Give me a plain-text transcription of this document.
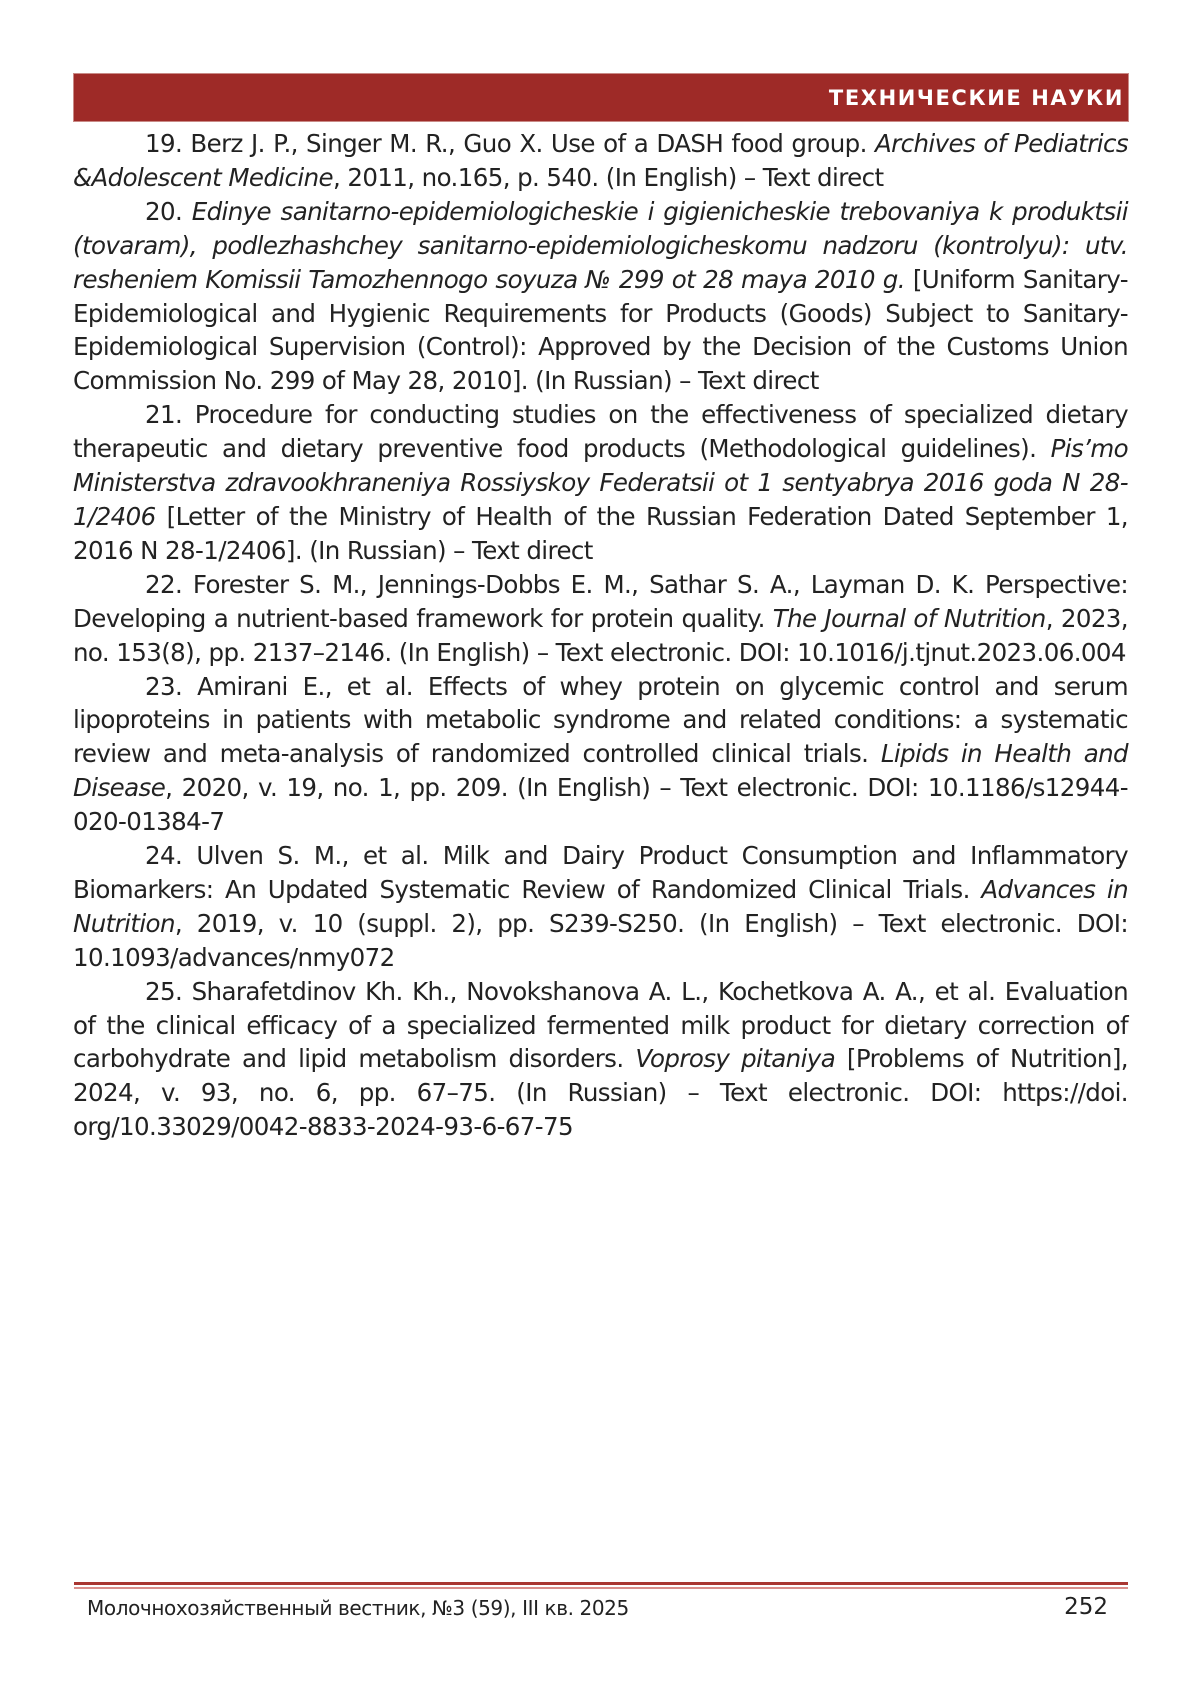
ТЕХНИЧЕСКИЕ НАУКИ

19. Berz J. P., Singer M. R., Guo X. Use of a DASH food group. Archives of Pediatrics &Adolescent Medicine, 2011, no.165, p. 540. (In English) – Text direct

20. Edinye sanitarno-epidemiologicheskie i gigienicheskie trebovaniya k produktsii (tovaram), podlezhashchey sanitarno-epidemiologicheskomu nadzoru (kontrolyu): utv. resheniem Komissii Tamozhennogo soyuza № 299 ot 28 maya 2010 g. [Uniform Sanitary-Epidemiological and Hygienic Requirements for Products (Goods) Subject to Sanitary-Epidemiological Supervision (Control): Approved by the Decision of the Customs Union Commission No. 299 of May 28, 2010]. (In Russian) – Text direct

21. Procedure for conducting studies on the effectiveness of specialized dietary therapeutic and dietary preventive food products (Methodological guidelines). Pis’mo Ministerstva zdravookhraneniya Rossiyskoy Federatsii ot 1 sentyabrya 2016 goda N 28-1/2406 [Letter of the Ministry of Health of the Russian Federation Dated September 1, 2016 N 28-1/2406]. (In Russian) – Text direct

22. Forester S. M., Jennings-Dobbs E. M., Sathar S. A., Layman D. K. Perspective: Developing a nutrient-based framework for protein quality. The Journal of Nutrition, 2023, no. 153(8), pp. 2137–2146. (In English) – Text electronic. DOI: 10.1016/j.tjnut.2023.06.004

23. Amirani E., et al. Effects of whey protein on glycemic control and serum lipoproteins in patients with metabolic syndrome and related conditions: a systematic review and meta-analysis of randomized controlled clinical trials. Lipids in Health and Disease, 2020, v. 19, no. 1, pp. 209. (In English) – Text electronic. DOI: 10.1186/s12944-020-01384-7

24. Ulven S. M., et al. Milk and Dairy Product Consumption and Inflammatory Biomarkers: An Updated Systematic Review of Randomized Clinical Trials. Advances in Nutrition, 2019, v. 10 (suppl. 2), pp. S239-S250. (In English) – Text electronic. DOI: 10.1093/advances/nmy072

25. Sharafetdinov Kh. Kh., Novokshanova A. L., Kochetkova A. A., et al. Evaluation of the clinical efficacy of a specialized fermented milk product for dietary correction of carbohydrate and lipid metabolism disorders. Voprosy pitaniya [Problems of Nutrition], 2024, v. 93, no. 6, pp. 67–75. (In Russian) – Text electronic. DOI: https://doi. org/10.33029/0042-8833-2024-93-6-67-75

Молочнохозяйственный вестник, №3 (59), III кв. 2025	252
